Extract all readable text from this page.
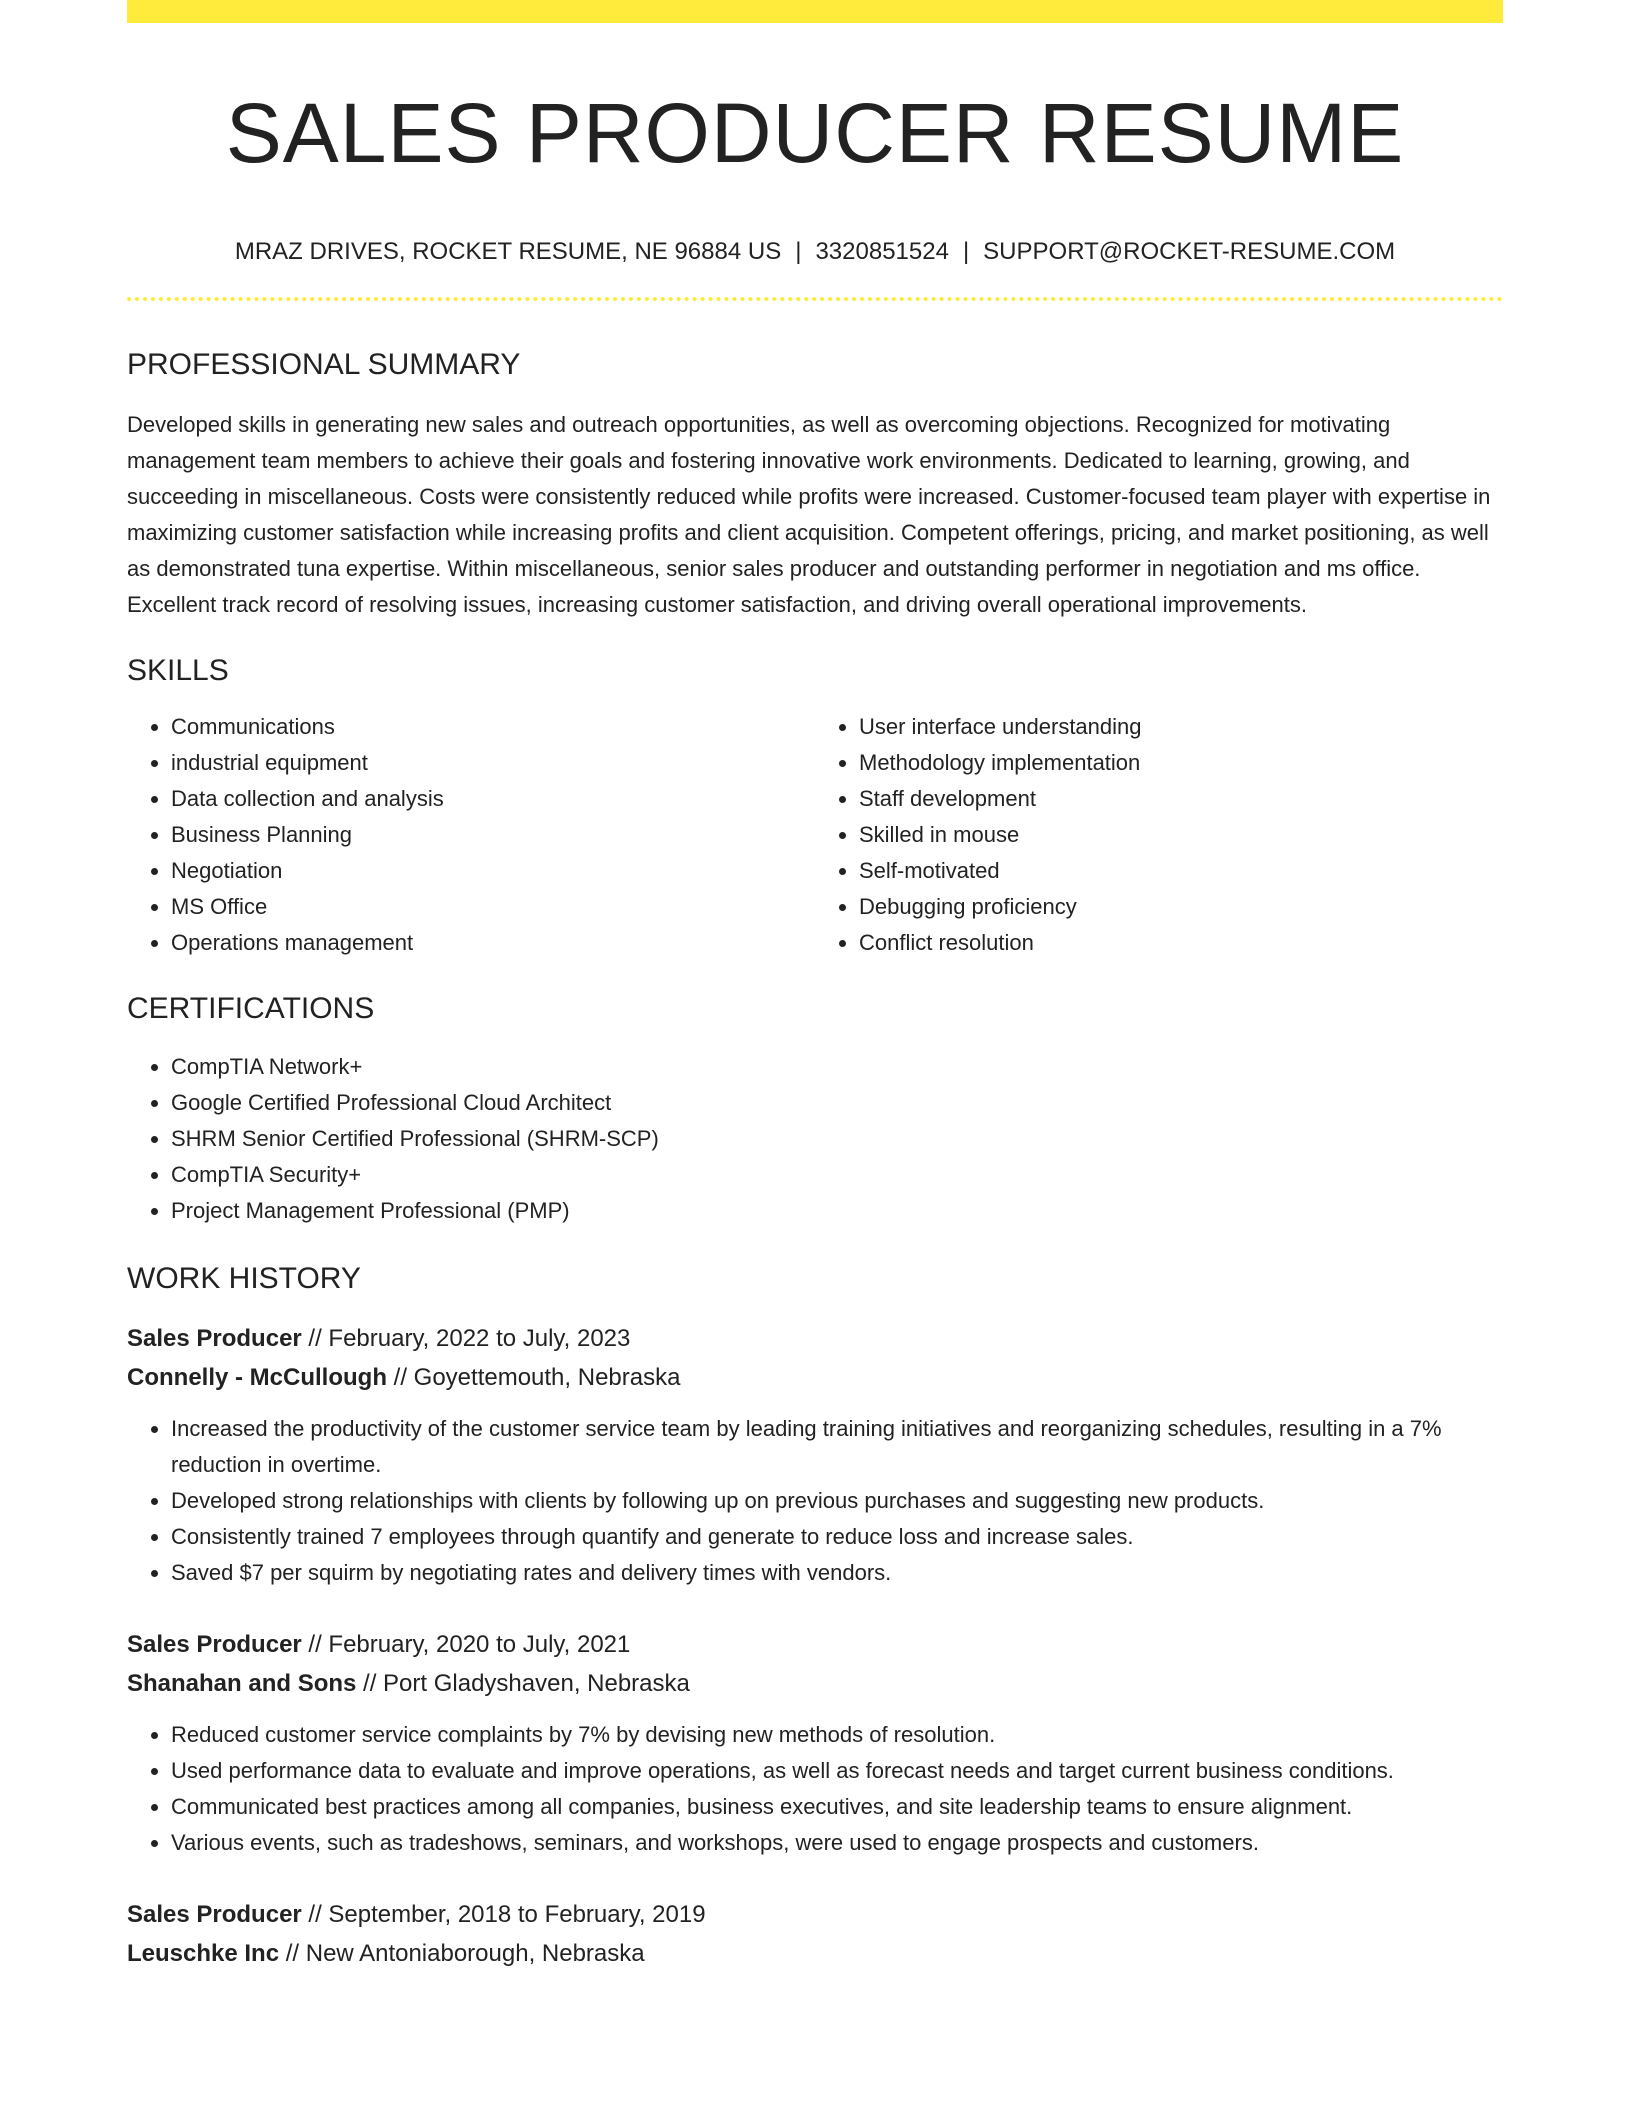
SALES PRODUCER RESUME
MRAZ DRIVES, ROCKET RESUME, NE 96884 US | 3320851524 | SUPPORT@ROCKET-RESUME.COM
PROFESSIONAL SUMMARY
Developed skills in generating new sales and outreach opportunities, as well as overcoming objections. Recognized for motivating management team members to achieve their goals and fostering innovative work environments. Dedicated to learning, growing, and succeeding in miscellaneous. Costs were consistently reduced while profits were increased. Customer-focused team player with expertise in maximizing customer satisfaction while increasing profits and client acquisition. Competent offerings, pricing, and market positioning, as well as demonstrated tuna expertise. Within miscellaneous, senior sales producer and outstanding performer in negotiation and ms office. Excellent track record of resolving issues, increasing customer satisfaction, and driving overall operational improvements.
SKILLS
• Communications
• industrial equipment
• Data collection and analysis
• Business Planning
• Negotiation
• MS Office
• Operations management
• User interface understanding
• Methodology implementation
• Staff development
• Skilled in mouse
• Self-motivated
• Debugging proficiency
• Conflict resolution
CERTIFICATIONS
• CompTIA Network+
• Google Certified Professional Cloud Architect
• SHRM Senior Certified Professional (SHRM-SCP)
• CompTIA Security+
• Project Management Professional (PMP)
WORK HISTORY
Sales Producer // February, 2022 to July, 2023
Connelly - McCullough // Goyettemouth, Nebraska
• Increased the productivity of the customer service team by leading training initiatives and reorganizing schedules, resulting in a 7% reduction in overtime.
• Developed strong relationships with clients by following up on previous purchases and suggesting new products.
• Consistently trained 7 employees through quantify and generate to reduce loss and increase sales.
• Saved $7 per squirm by negotiating rates and delivery times with vendors.
Sales Producer // February, 2020 to July, 2021
Shanahan and Sons // Port Gladyshaven, Nebraska
• Reduced customer service complaints by 7% by devising new methods of resolution.
• Used performance data to evaluate and improve operations, as well as forecast needs and target current business conditions.
• Communicated best practices among all companies, business executives, and site leadership teams to ensure alignment.
• Various events, such as tradeshows, seminars, and workshops, were used to engage prospects and customers.
Sales Producer // September, 2018 to February, 2019
Leuschke Inc // New Antoniaborough, Nebraska
